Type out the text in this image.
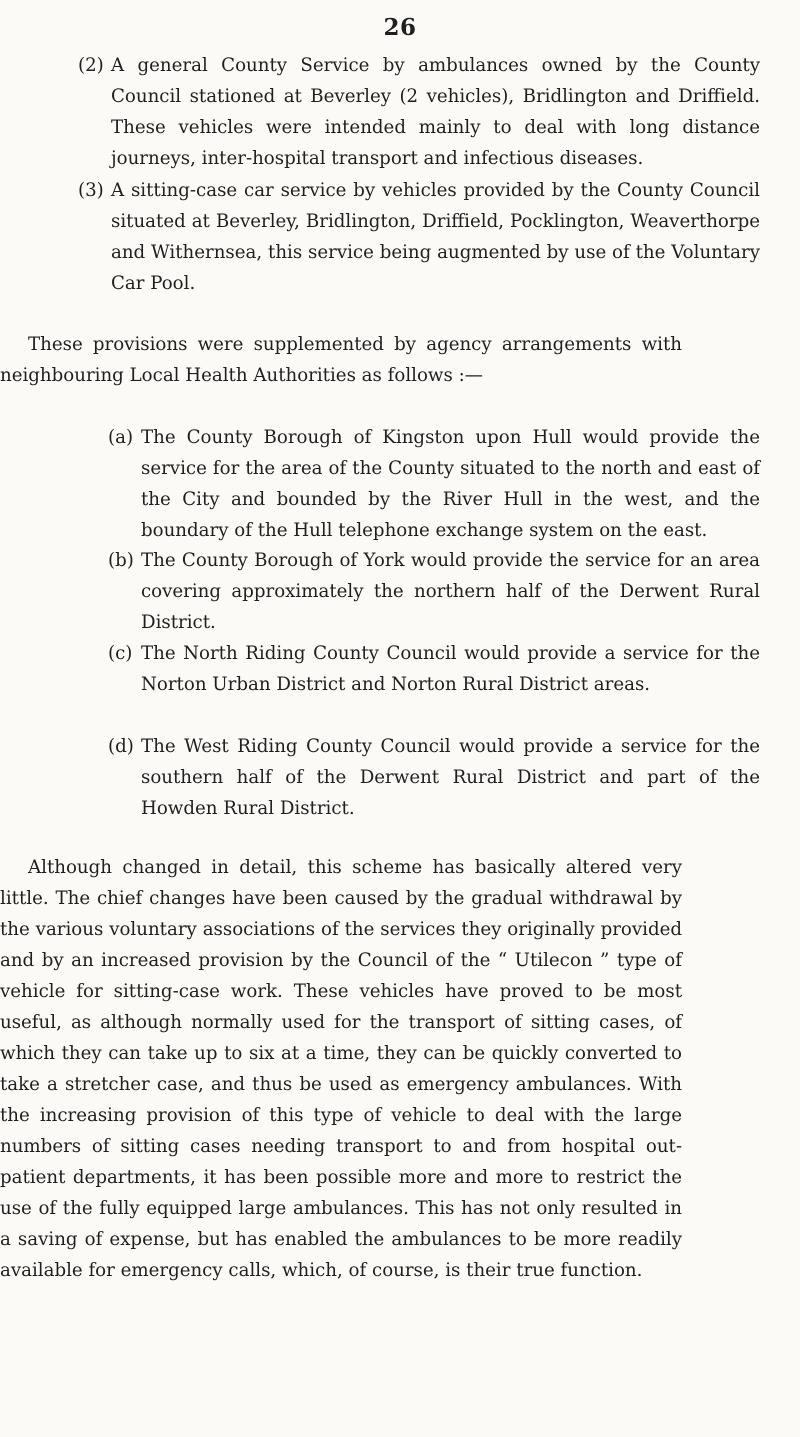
26
(2) A general County Service by ambulances owned by the County Council stationed at Beverley (2 vehicles), Bridlington and Driffield. These vehicles were intended mainly to deal with long distance journeys, inter-hospital transport and infectious diseases.

(3) A sitting-case car service by vehicles provided by the County Council situated at Beverley, Bridlington, Driffield, Pocklington, Weaverthorpe and Withernsea, this service being augmented by use of the Voluntary Car Pool.

These provisions were supplemented by agency arrangements with neighbouring Local Health Authorities as follows :—

(a) The County Borough of Kingston upon Hull would provide the service for the area of the County situated to the north and east of the City and bounded by the River Hull in the west, and the boundary of the Hull telephone exchange system on the east.

(b) The County Borough of York would provide the service for an area covering approximately the northern half of the Derwent Rural District.

(c) The North Riding County Council would provide a service for the Norton Urban District and Norton Rural District areas.

(d) The West Riding County Council would provide a service for the southern half of the Derwent Rural District and part of the Howden Rural District.

Although changed in detail, this scheme has basically altered very little. The chief changes have been caused by the gradual withdrawal by the various voluntary associations of the services they originally provided and by an increased provision by the Council of the “ Utilecon ” type of vehicle for sitting-case work. These vehicles have proved to be most useful, as although normally used for the transport of sitting cases, of which they can take up to six at a time, they can be quickly converted to take a stretcher case, and thus be used as emergency ambulances. With the increasing provision of this type of vehicle to deal with the large numbers of sitting cases needing transport to and from hospital out-patient departments, it has been possible more and more to restrict the use of the fully equipped large ambulances. This has not only resulted in a saving of expense, but has enabled the ambulances to be more readily available for emergency calls, which, of course, is their true function.
